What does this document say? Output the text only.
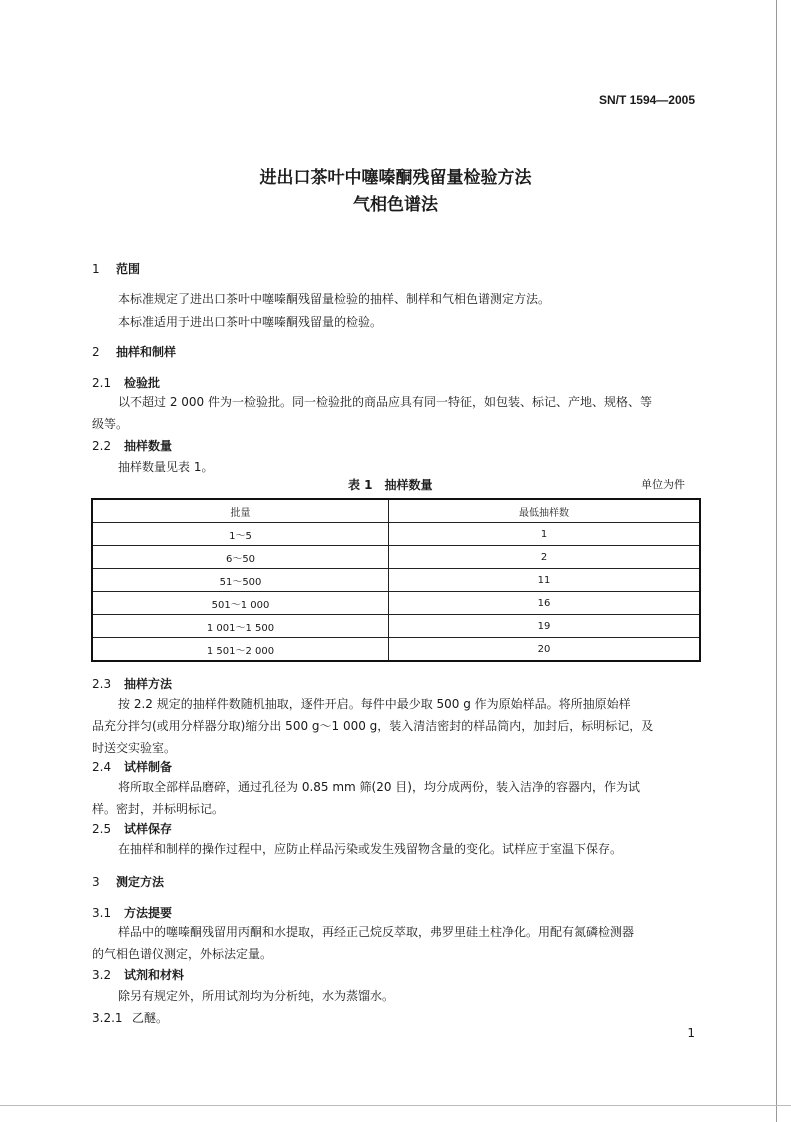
SN/T 1594—2005
进出口茶叶中噻嗪酮残留量检验方法
气相色谱法
1 范围
本标准规定了进出口茶叶中噻嗪酮残留量检验的抽样、制样和气相色谱测定方法。
本标准适用于进出口茶叶中噻嗪酮残留量的检验。
2 抽样和制样
2.1 检验批
以不超过 2 000 件为一检验批。同一检验批的商品应具有同一特征，如包装、标记、产地、规格、等
级等。
2.2 抽样数量
抽样数量见表 1。
表 1　抽样数量	单位为件
批量	最低抽样数
1～5	1
6～50	2
51～500	11
501～1 000	16
1 001～1 500	19
1 501～2 000	20
2.3 抽样方法
按 2.2 规定的抽样件数随机抽取，逐件开启。每件中最少取 500 g 作为原始样品。将所抽原始样
品充分拌匀(或用分样器分取)缩分出 500 g～1 000 g，装入清洁密封的样品筒内，加封后，标明标记，及
时送交实验室。
2.4 试样制备
将所取全部样品磨碎，通过孔径为 0.85 mm 筛(20 目)，均分成两份，装入洁净的容器内，作为试
样。密封，并标明标记。
2.5 试样保存
在抽样和制样的操作过程中，应防止样品污染或发生残留物含量的变化。试样应于室温下保存。
3 测定方法
3.1 方法提要
样品中的噻嗪酮残留用丙酮和水提取，再经正己烷反萃取，弗罗里硅土柱净化。用配有氮磷检测器
的气相色谱仪测定，外标法定量。
3.2 试剂和材料
除另有规定外，所用试剂均为分析纯，水为蒸馏水。
3.2.1 乙醚。
1
